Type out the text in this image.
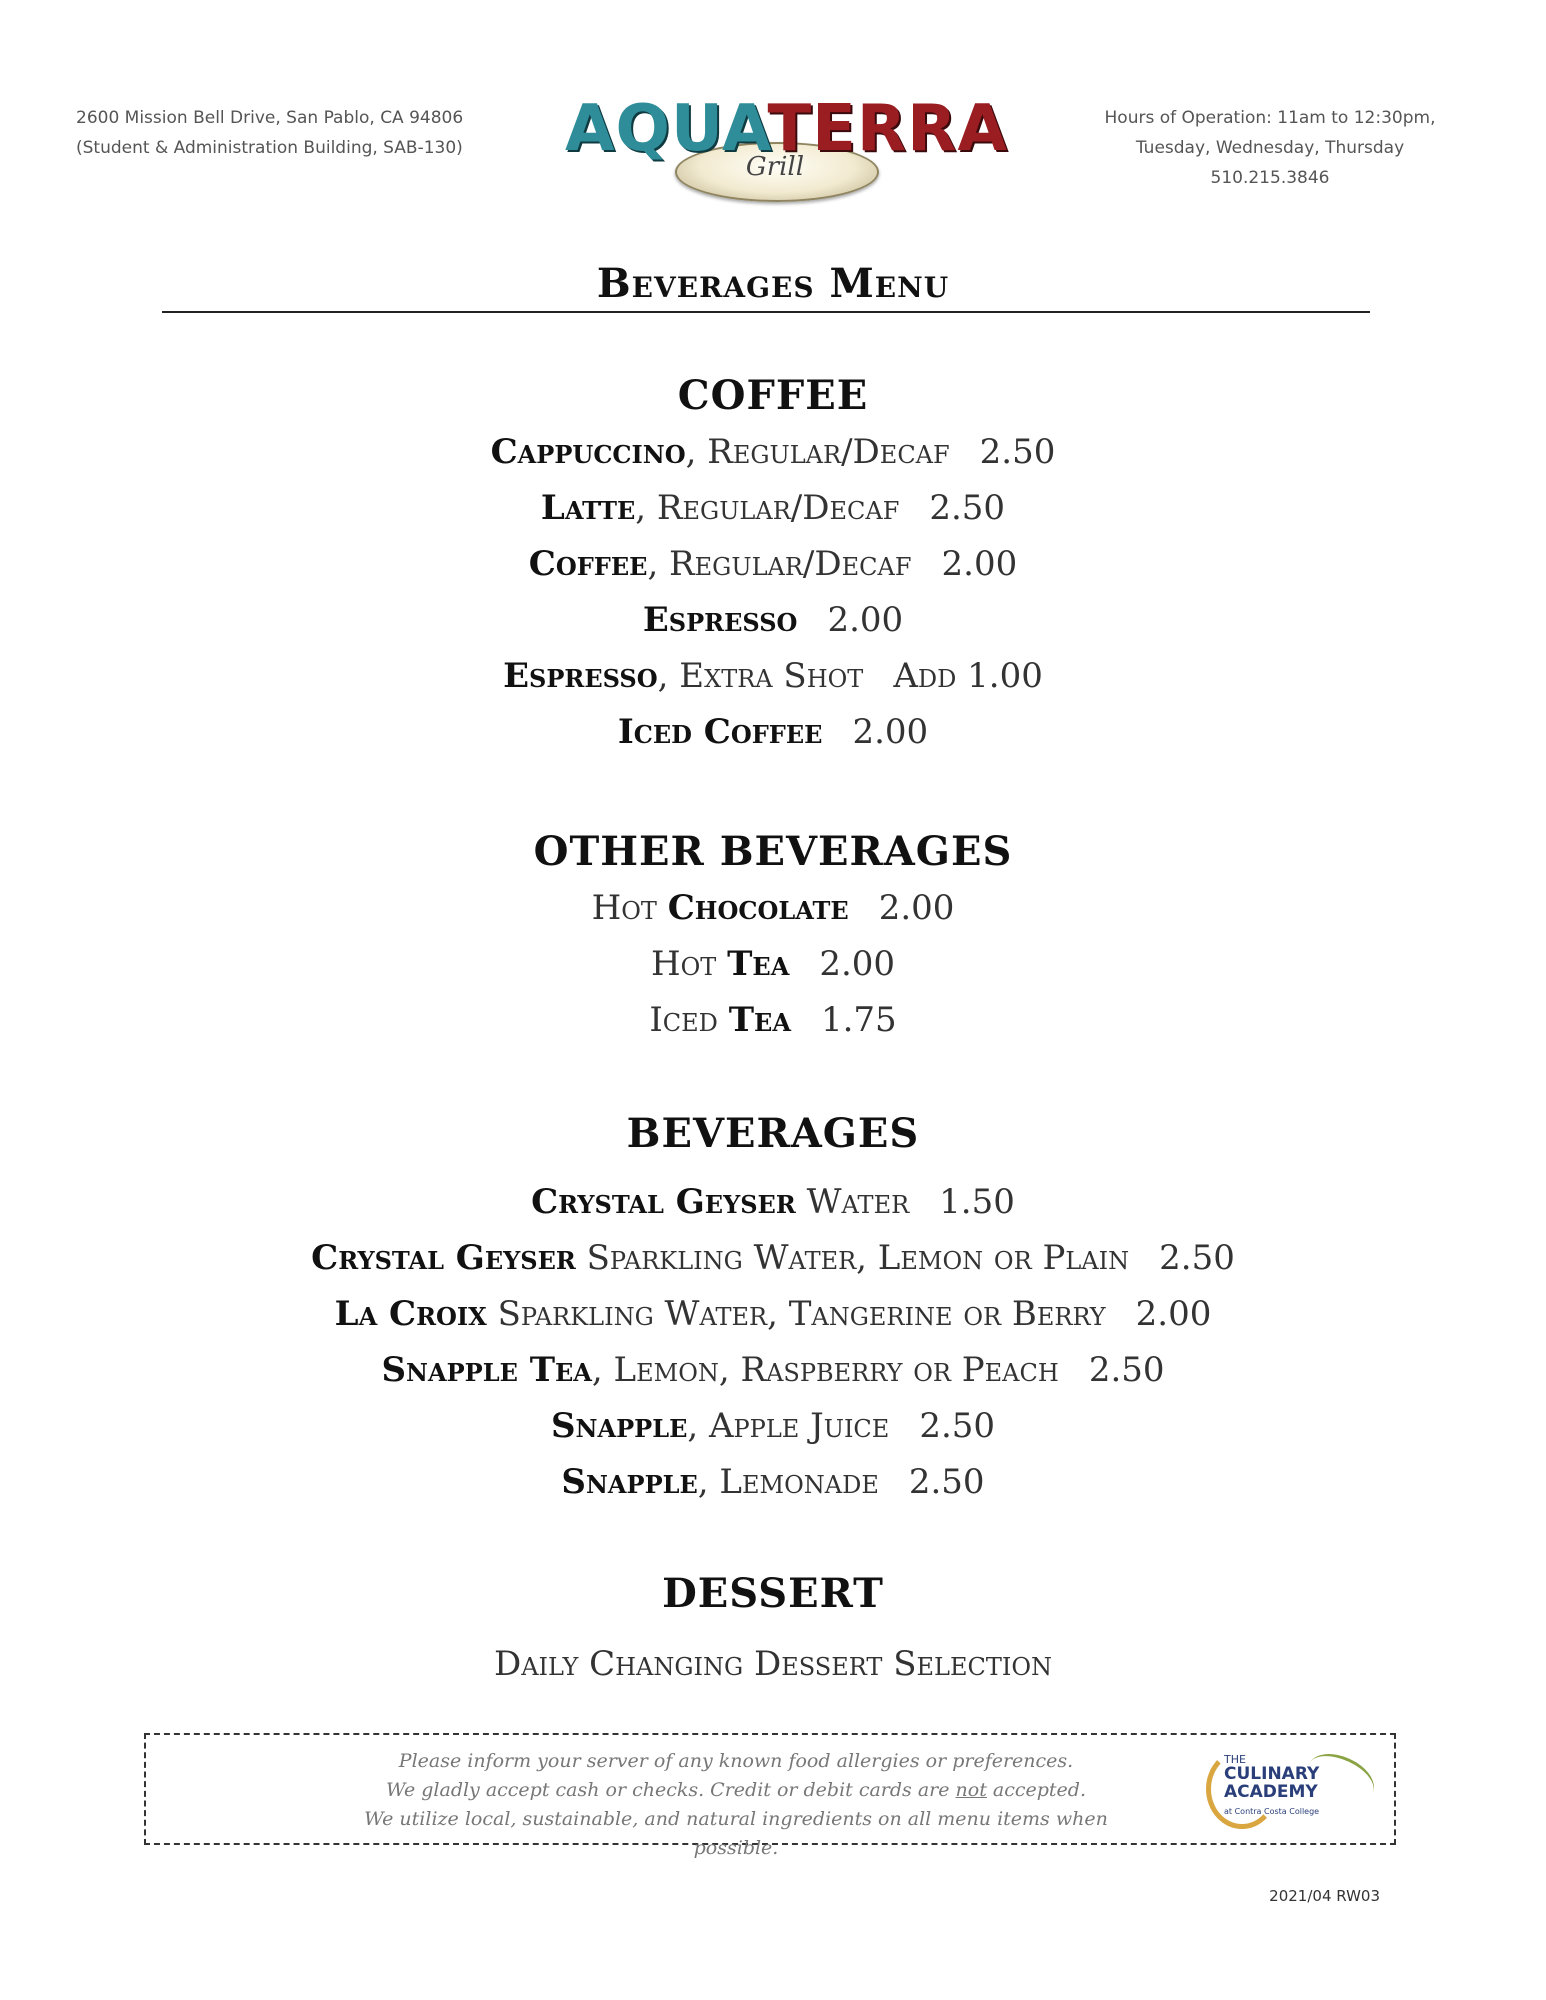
2600 Mission Bell Drive, San Pablo, CA 94806
(Student & Administration Building, SAB-130)	AQUATERRA
Grill
Hours of Operation: 11am to 12:30pm,
Tuesday, Wednesday, Thursday
510.215.3846
Beverages Menu
COFFEE
Cappuccino, Regular/Decaf 2.50
Latte, Regular/Decaf 2.50
Coffee, Regular/Decaf 2.00
Espresso 2.00
Espresso, Extra Shot Add 1.00
Iced Coffee 2.00
OTHER BEVERAGES
Hot Chocolate 2.00
Hot Tea 2.00
Iced Tea 1.75
BEVERAGES
Crystal Geyser Water 1.50
Crystal Geyser Sparkling Water, Lemon or Plain 2.50
La Croix Sparkling Water, Tangerine or Berry 2.00
Snapple Tea, Lemon, Raspberry or Peach 2.50
Snapple, Apple Juice 2.50
Snapple, Lemonade 2.50
DESSERT
Daily Changing Dessert Selection
Please inform your server of any known food allergies or preferences.
We gladly accept cash or checks. Credit or debit cards are not accepted.
We utilize local, sustainable, and natural ingredients on all menu items when possible.
THE
CULINARY
ACADEMY
at Contra Costa College
2021/04 RW03
